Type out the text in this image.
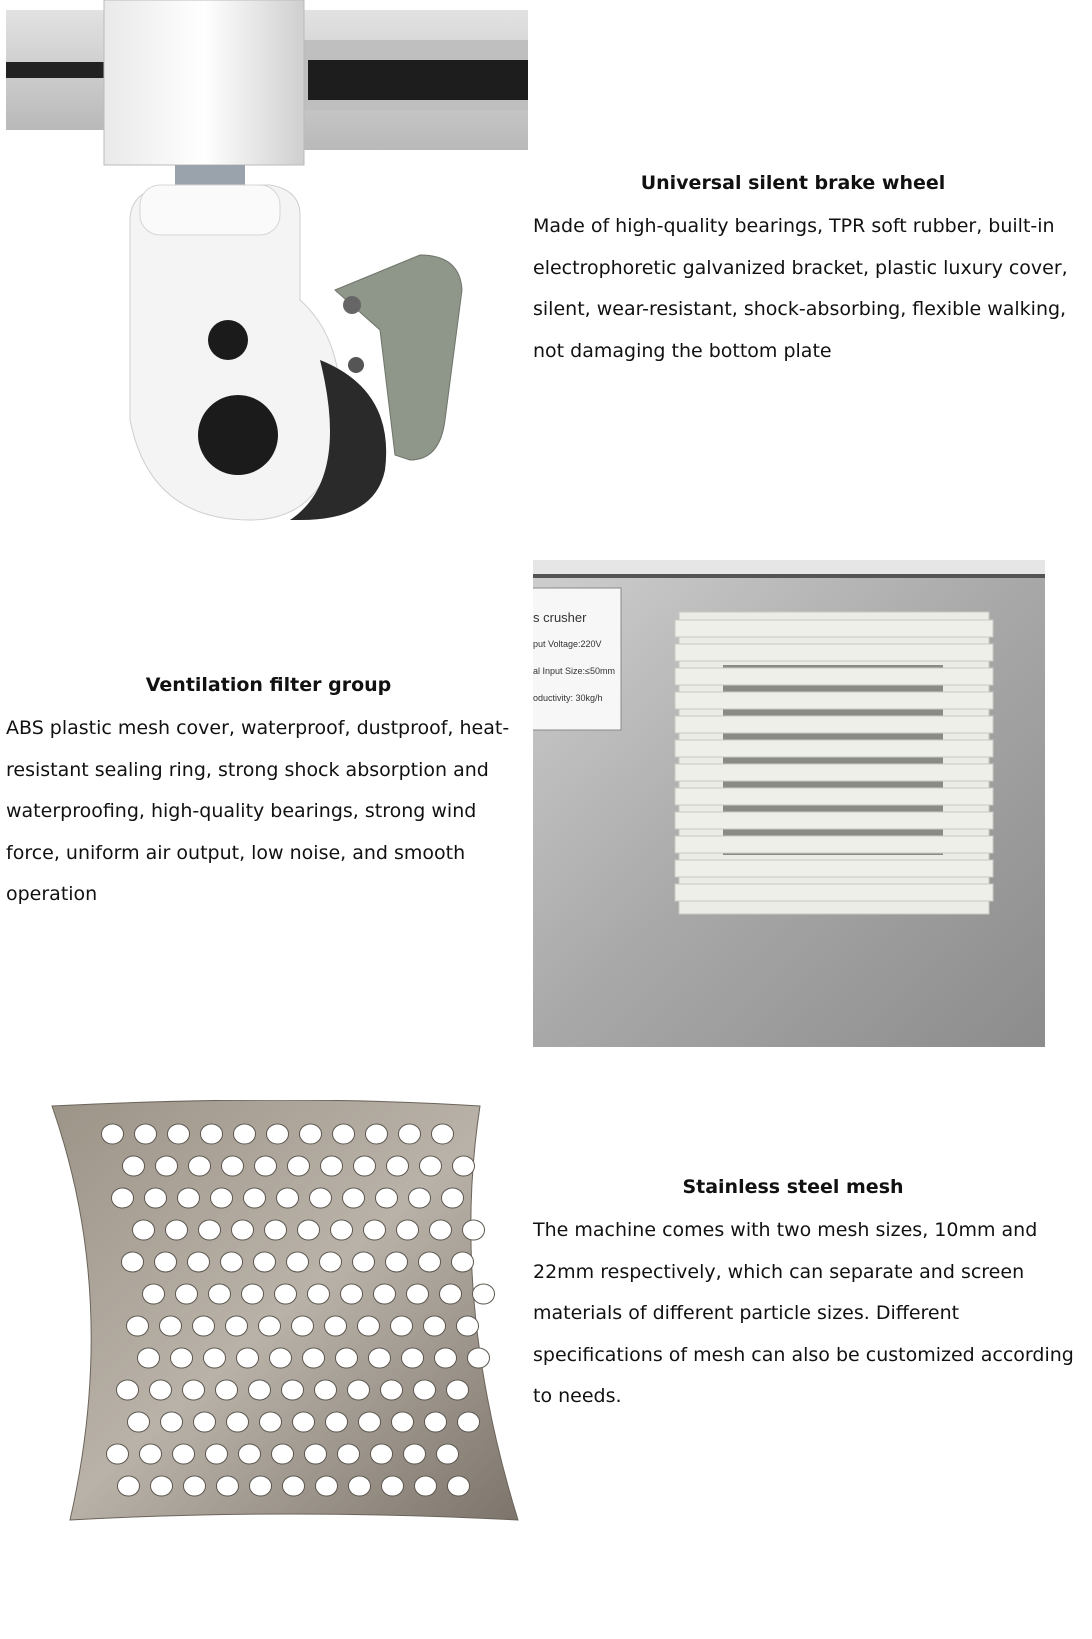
Universal silent brake wheel

Made of high-quality bearings, TPR soft rubber, built-in electrophoretic galvanized bracket, plastic luxury cover, silent, wear-resistant, shock-absorbing, flexible walking, not damaging the bottom plate

Ventilation filter group

ABS plastic mesh cover, waterproof, dustproof, heat-resistant sealing ring, strong shock absorption and waterproofing, high-quality bearings, strong wind force, uniform air output, low noise, and smooth operation

s crusher
put Voltage:220V
al Input Size:≤50mm
oductivity: 30kg/h

Stainless steel mesh

The machine comes with two mesh sizes, 10mm and 22mm respectively, which can separate and screen materials of different particle sizes. Different specifications of mesh can also be customized according to needs.
